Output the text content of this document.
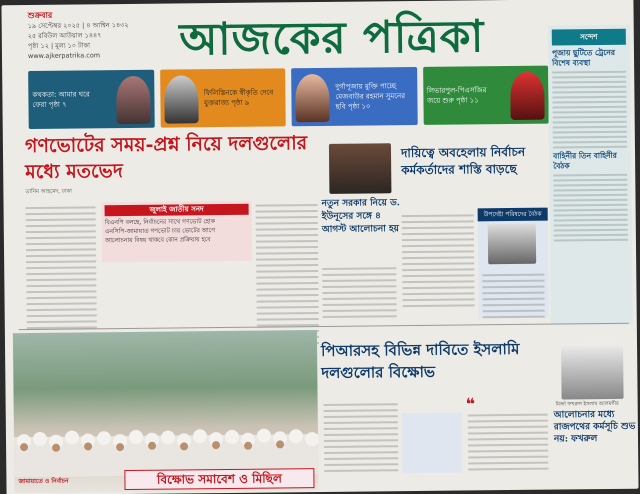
শুক্রবার
১৯ সেপ্টেম্বর ২০২৫ | ৪ আশ্বিন ১৪৩২
২৫ রবিউল আউয়াল ১৪৪৭
পৃষ্ঠা ১২ | মূল্য ১০ টাকা
www.ajkerpatrika.com	আজকের পত্রিকা
কথকতা: আমার ঘরে ফেরা পৃষ্ঠা ৭
ফিলিস্তিনকে স্বীকৃতি দেবে যুক্তরাজ্য পৃষ্ঠা ৯
দুর্গাপূজায় মুক্তি পাচ্ছে মেজবাউর রহমান সুমনের ছবি পৃষ্ঠা ১০
লিভারপুল-পিএসজির জয়ে শুরু পৃষ্ঠা ১১
সন্দেশ
পূজায় ছুটিতে ট্রেনের বিশেষ ব্যবস্থা
বাহিনীর তিন বাহিনীর বৈঠক
গণভোটের সময়-প্রশ্ন নিয়ে দলগুলোর মধ্যে মতভেদ
তানিম আহমেদ, ঢাকা
জুলাই জাতীয় সনদ
বিএনপি বলছে, নির্বাচনের সাথে গণভোট হোক
এনসিপি-জামায়াত গণভোট চায় ভোটের আগে
আলোচনায় বিষয় থাকবে কোন প্রক্রিয়ায় হবে
নতুন সরকার নিয়ে ড. ইউনূসের সঙ্গে ৪ আগস্ট আলোচনা হয়
দায়িত্বে অবহেলায় নির্বাচন কর্মকর্তাদের শাস্তি বাড়ছে
উপদেষ্টা পরিষদের বৈঠক
জামায়াতে ও নির্বাচন	বিক্ষোভ সমাবেশ ও মিছিল
পিআরসহ বিভিন্ন দাবিতে ইসলামি দলগুলোর বিক্ষোভ
❝	মির্জা ফখরুল ইসলাম আলমগীর
আলোচনার মধ্যে রাজপথের কর্মসূচি শুভ নয়: ফখরুল
